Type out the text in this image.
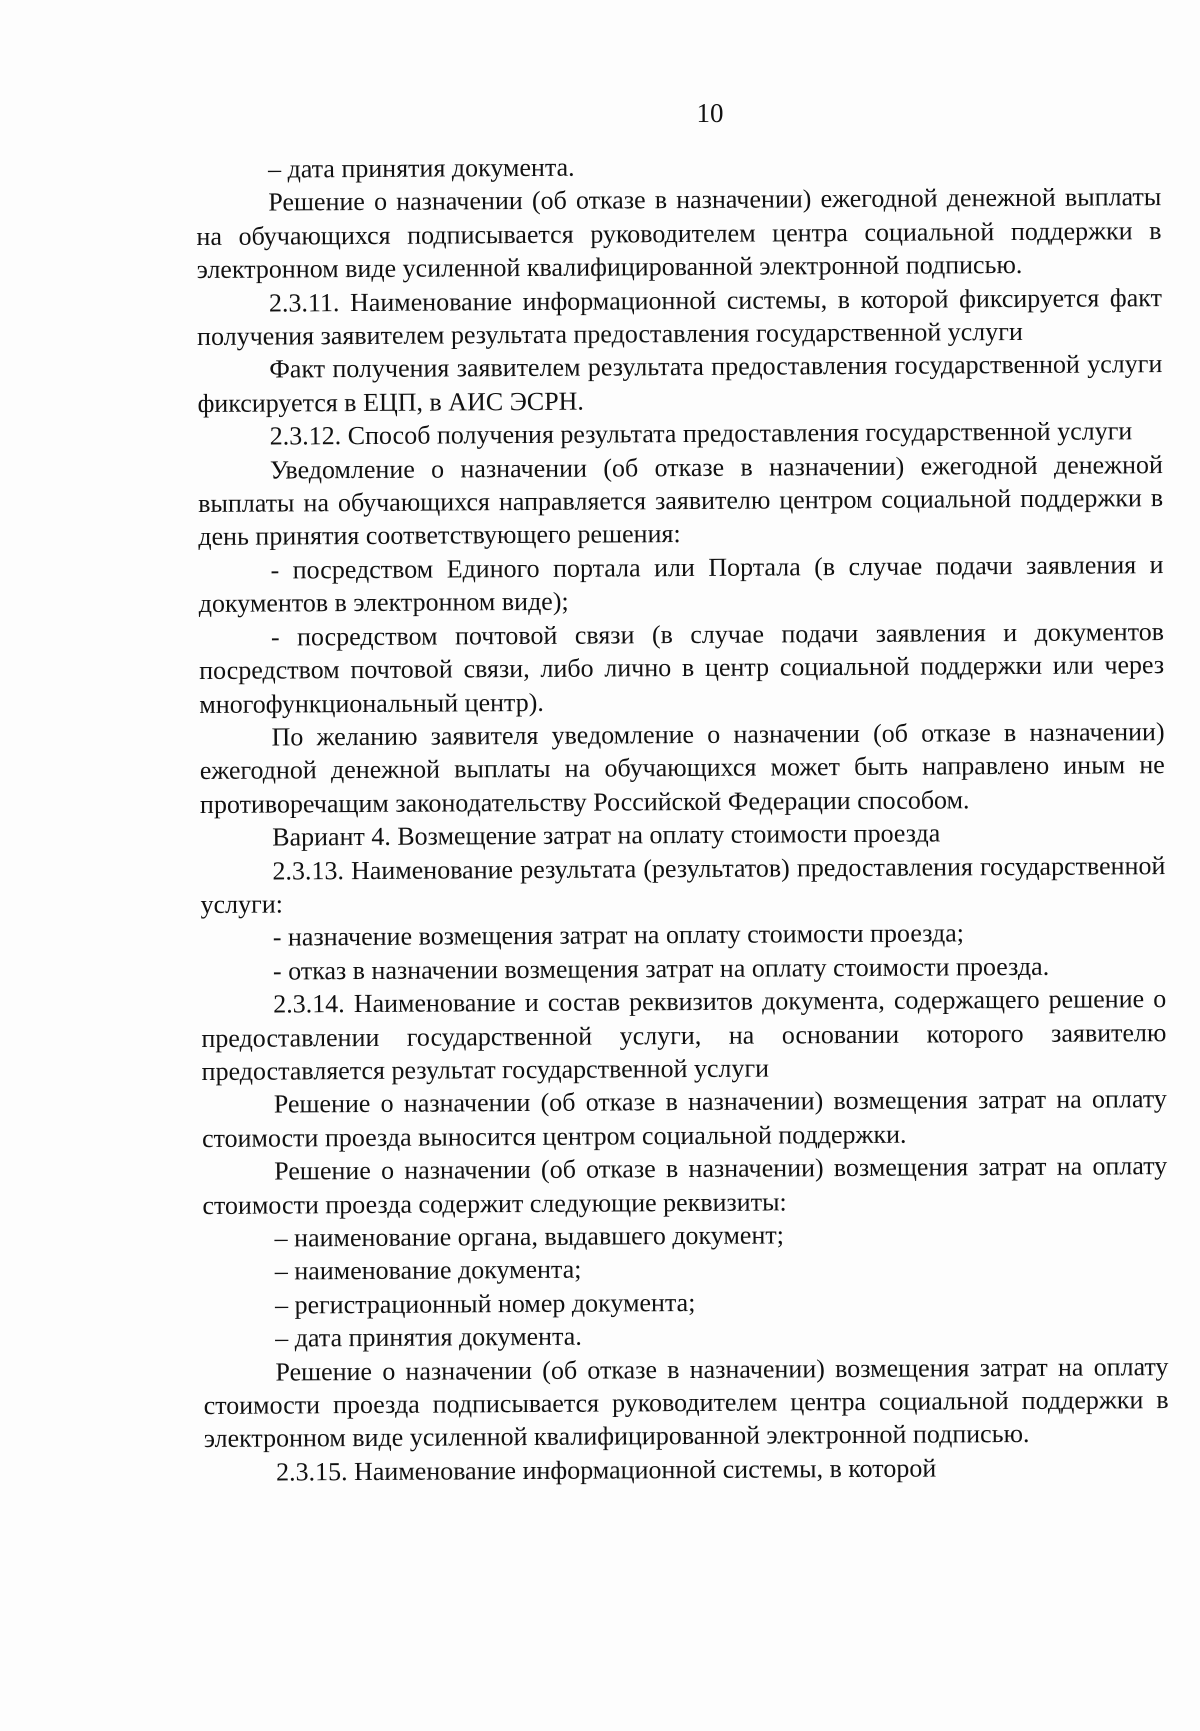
10

– дата принятия документа.

Решение о назначении (об отказе в назначении) ежегодной денежной выплаты на обучающихся подписывается руководителем центра социальной поддержки в электронном виде усиленной квалифицированной электронной подписью.

2.3.11. Наименование информационной системы, в которой фиксируется факт получения заявителем результата предоставления государственной услуги

Факт получения заявителем результата предоставления государственной услуги фиксируется в ЕЦП, в АИС ЭСРН.

2.3.12. Способ получения результата предоставления государственной услуги

Уведомление о назначении (об отказе в назначении) ежегодной денежной выплаты на обучающихся направляется заявителю центром социальной поддержки в день принятия соответствующего решения:

- посредством Единого портала или Портала (в случае подачи заявления и документов в электронном виде);

- посредством почтовой связи (в случае подачи заявления и документов посредством почтовой связи, либо лично в центр социальной поддержки или через многофункциональный центр).

По желанию заявителя уведомление о назначении (об отказе в назначении) ежегодной денежной выплаты на обучающихся может быть направлено иным не противоречащим законодательству Российской Федерации способом.

Вариант 4. Возмещение затрат на оплату стоимости проезда

2.3.13. Наименование результата (результатов) предоставления государственной услуги:

- назначение возмещения затрат на оплату стоимости проезда;

- отказ в назначении возмещения затрат на оплату стоимости проезда.

2.3.14. Наименование и состав реквизитов документа, содержащего решение о предоставлении государственной услуги, на основании которого заявителю предоставляется результат государственной услуги

Решение о назначении (об отказе в назначении) возмещения затрат на оплату стоимости проезда выносится центром социальной поддержки.

Решение о назначении (об отказе в назначении) возмещения затрат на оплату стоимости проезда содержит следующие реквизиты:

– наименование органа, выдавшего документ;

– наименование документа;

– регистрационный номер документа;

– дата принятия документа.

Решение о назначении (об отказе в назначении) возмещения затрат на оплату стоимости проезда подписывается руководителем центра социальной поддержки в электронном виде усиленной квалифицированной электронной подписью.

2.3.15. Наименование информационной системы, в которой
